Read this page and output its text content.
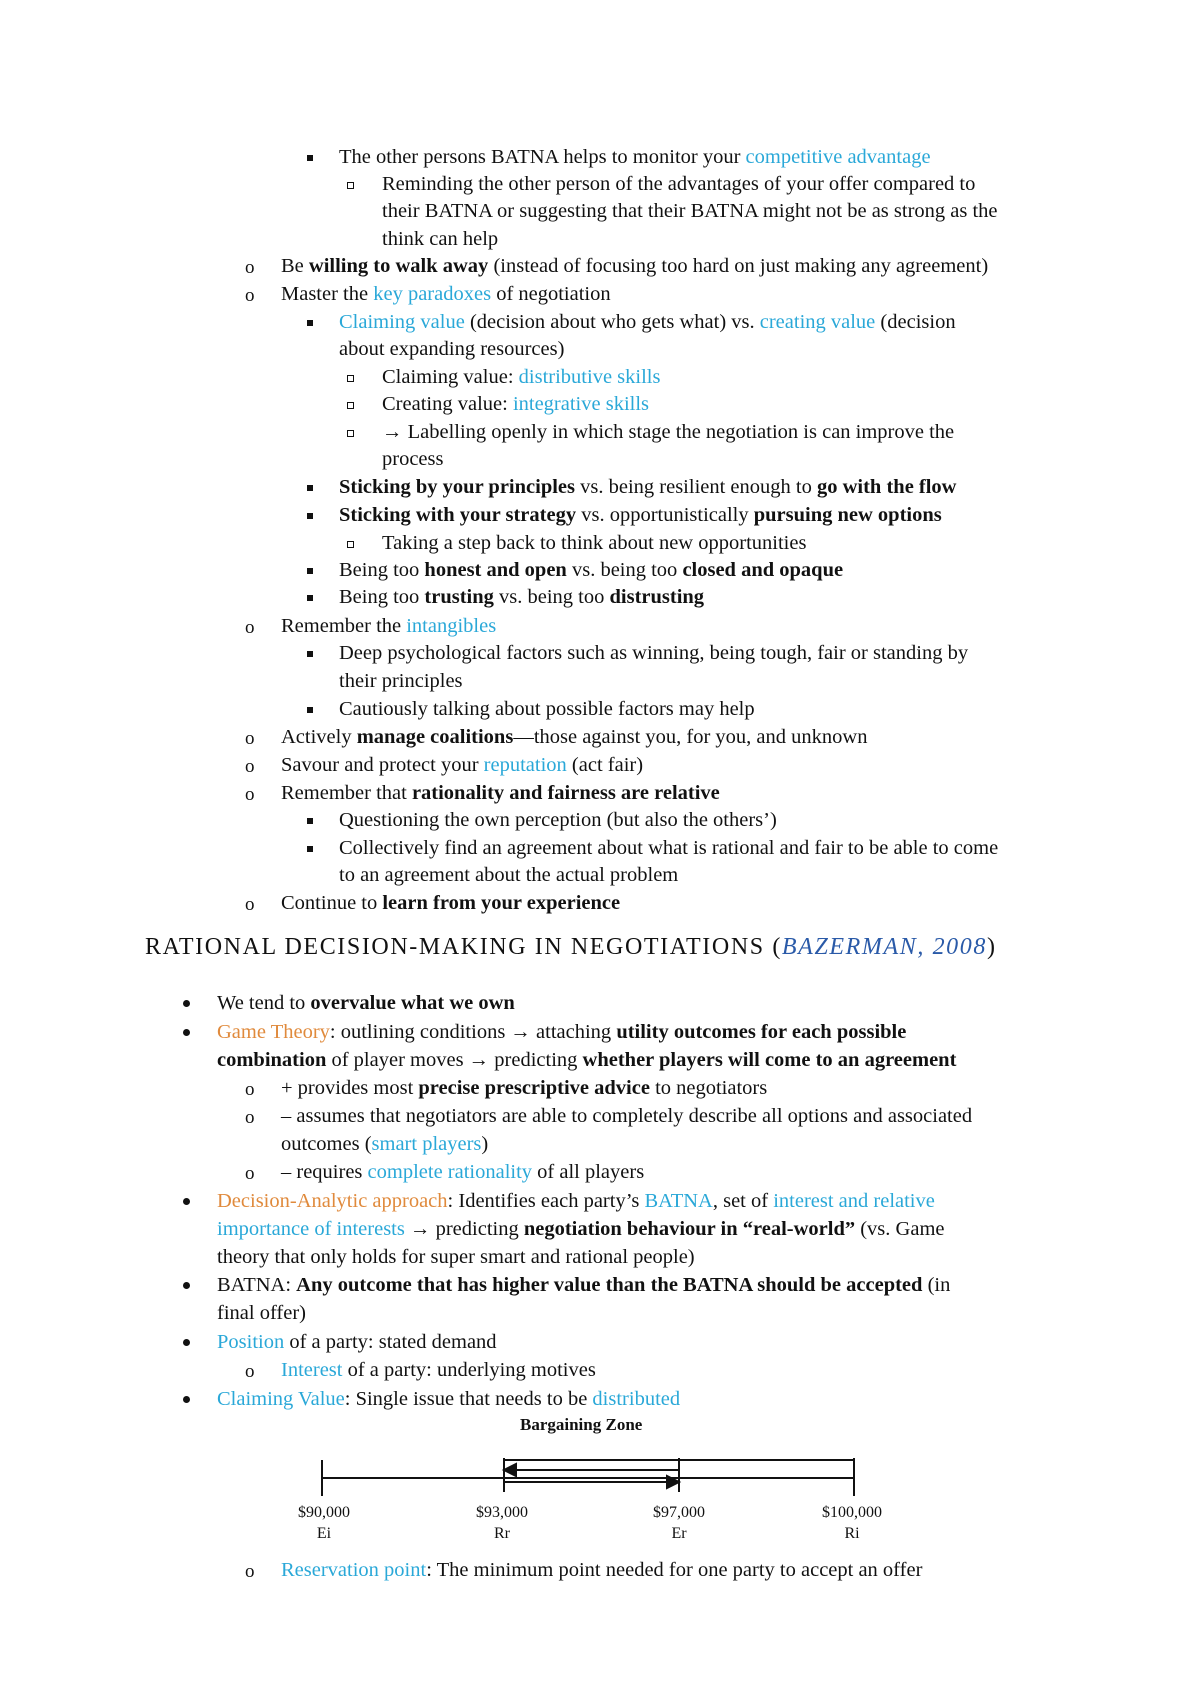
The other persons BATNA helps to monitor your competitive advantage
Reminding the other person of the advantages of your offer compared to
their BATNA or suggesting that their BATNA might not be as strong as the
think can help
o Be willing to walk away (instead of focusing too hard on just making any agreement)
o Master the key paradoxes of negotiation
Claiming value (decision about who gets what) vs. creating value (decision
about expanding resources)
Claiming value: distributive skills
Creating value: integrative skills
→ Labelling openly in which stage the negotiation is can improve the
process
Sticking by your principles vs. being resilient enough to go with the flow
Sticking with your strategy vs. opportunistically pursuing new options
Taking a step back to think about new opportunities
Being too honest and open vs. being too closed and opaque
Being too trusting vs. being too distrusting
o Remember the intangibles
Deep psychological factors such as winning, being tough, fair or standing by
their principles
Cautiously talking about possible factors may help
o Actively manage coalitions—those against you, for you, and unknown
o Savour and protect your reputation (act fair)
o Remember that rationality and fairness are relative
Questioning the own perception (but also the others’)
Collectively find an agreement about what is rational and fair to be able to come
to an agreement about the actual problem
o Continue to learn from your experience
RATIONAL DECISION-MAKING IN NEGOTIATIONS (BAZERMAN, 2008)
We tend to overvalue what we own
Game Theory: outlining conditions → attaching utility outcomes for each possible
combination of player moves → predicting whether players will come to an agreement
o + provides most precise prescriptive advice to negotiators
o – assumes that negotiators are able to completely describe all options and associated
outcomes (smart players)
o – requires complete rationality of all players
Decision-Analytic approach: Identifies each party’s BATNA, set of interest and relative
importance of interests → predicting negotiation behaviour in “real-world” (vs. Game
theory that only holds for super smart and rational people)
BATNA: Any outcome that has higher value than the BATNA should be accepted (in
final offer)
Position of a party: stated demand
o Interest of a party: underlying motives
Claiming Value: Single issue that needs to be distributed
Bargaining Zone
$90,000
Ei
$93,000
Rr
$97,000
Er
$100,000
Ri
o Reservation point: The minimum point needed for one party to accept an offer
